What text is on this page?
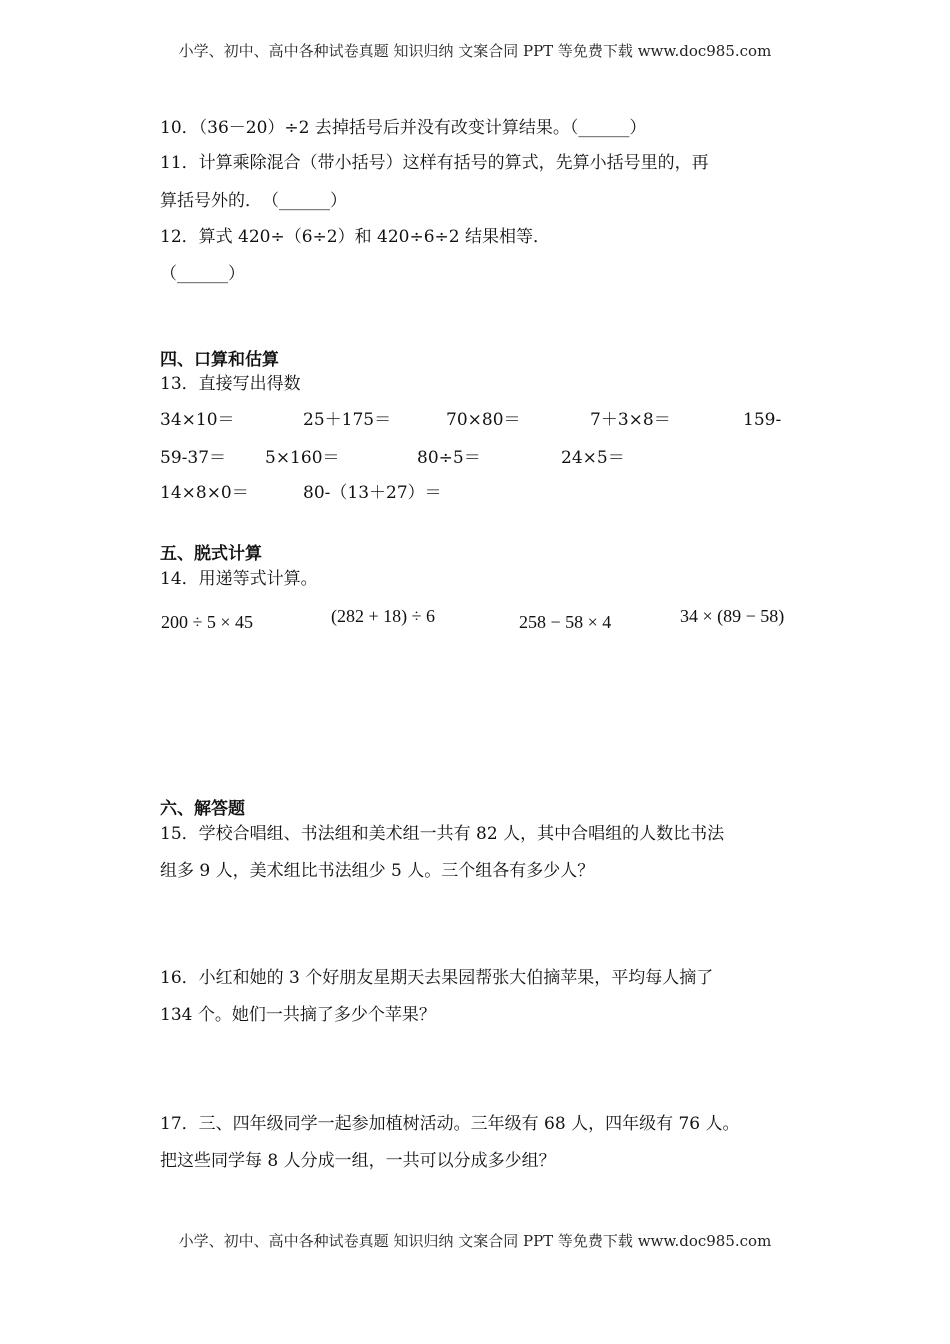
小学、初中、高中各种试卷真题 知识归纳 文案合同 PPT 等免费下载 www.doc985.com
10．（36－20）÷2 去掉括号后并没有改变计算结果。（______）
11．计算乘除混合（带小括号）这样有括号的算式，先算小括号里的，再
算括号外的．　（______）
12．算式 420÷（6÷2）和 420÷6÷2 结果相等．
（______）
四、口算和估算
13．直接写出得数
34×10＝	25＋175＝	70×80＝	7＋3×8＝	159-
59-37＝ 5×160＝	80÷5＝	24×5＝
14×8×0＝	80-（13＋27）＝
五、脱式计算
14．用递等式计算。
200 ÷ 5 × 45	(282 + 18) ÷ 6	258 − 58 × 4	34 × (89 − 58)
六、解答题
15．学校合唱组、书法组和美术组一共有 82 人，其中合唱组的人数比书法
组多 9 人，美术组比书法组少 5 人。三个组各有多少人？
16．小红和她的 3 个好朋友星期天去果园帮张大伯摘苹果，平均每人摘了
134 个。她们一共摘了多少个苹果？
17．三、四年级同学一起参加植树活动。三年级有 68 人，四年级有 76 人。
把这些同学每 8 人分成一组，一共可以分成多少组？
小学、初中、高中各种试卷真题 知识归纳 文案合同 PPT 等免费下载 www.doc985.com
